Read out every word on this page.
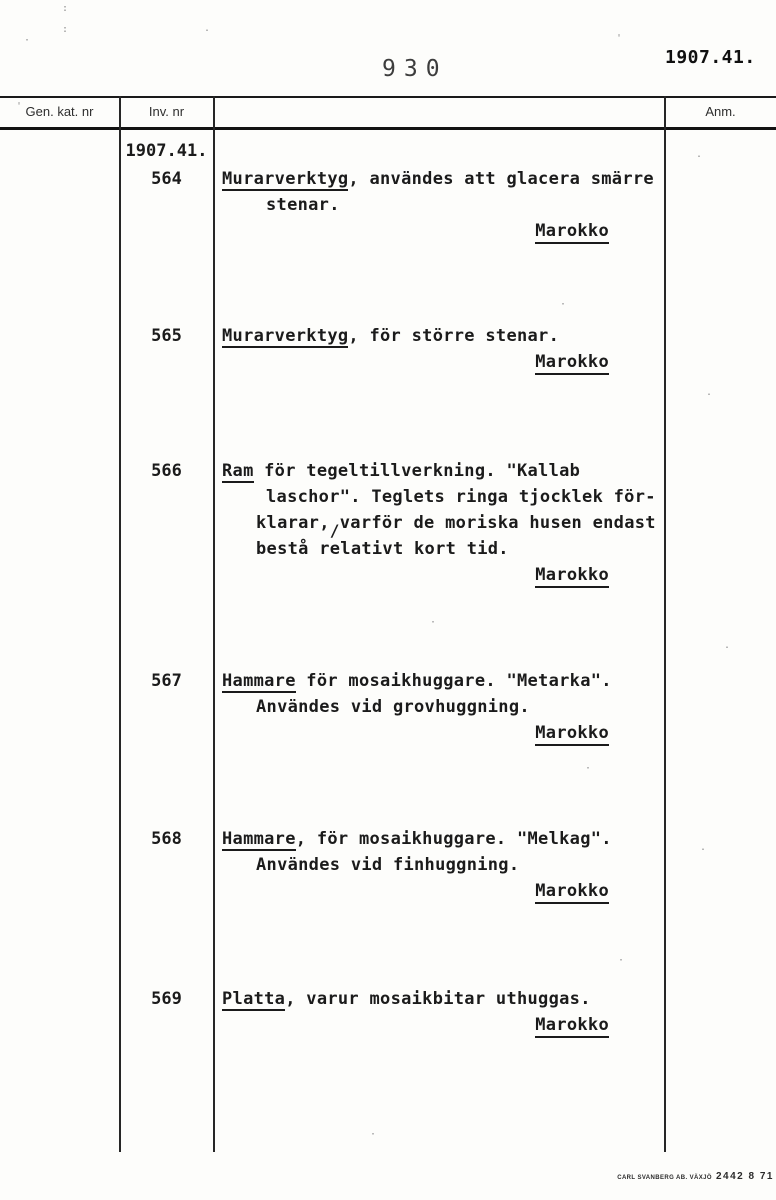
930	1907.41.
Gen. kat. nr	Inv. nr	Anm.
1907.41.
564	Murarverktyg, användes att glacera smärre
stenar.
Marokko
565	Murarverktyg, för större stenar.
Marokko
566	Ram för tegeltillverkning. "Kallab
laschor". Teglets ringa tjocklek för-
klarar,/varför de moriska husen endast
bestå relativt kort tid.
Marokko
567	Hammare för mosaikhuggare. "Metarka".
Användes vid grovhuggning.
Marokko
568	Hammare, för mosaikhuggare. "Melkag".
Användes vid finhuggning.
Marokko
569	Platta, varur mosaikbitar uthuggas.
Marokko
CARL SVANBERG AB. VÄXJÖ 2442 8 71
:
:
·
.
'
'
.
·
.
·
.
·
.
·
·
